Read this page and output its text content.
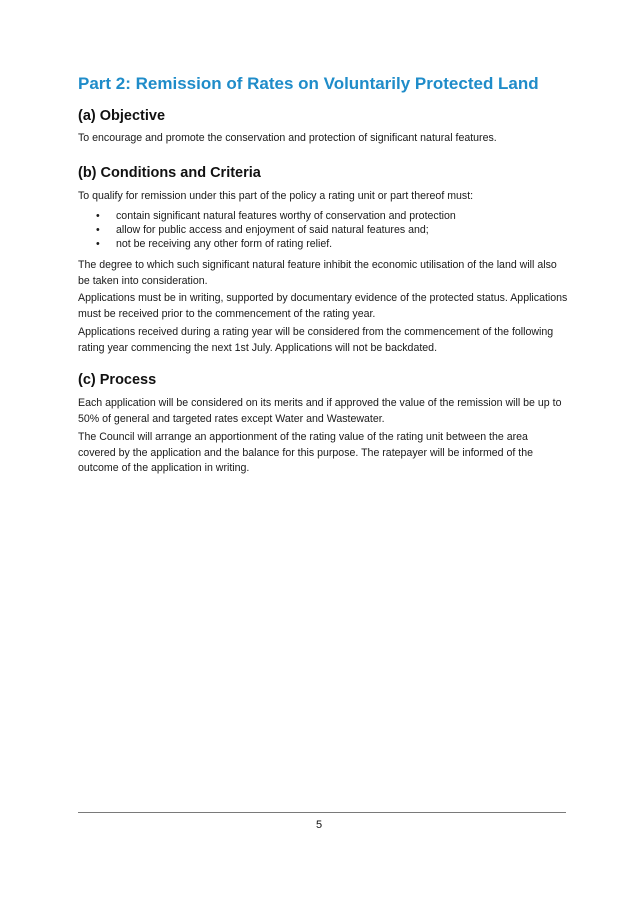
Part 2: Remission of Rates on Voluntarily Protected Land
(a) Objective

To encourage and promote the conservation and protection of significant natural features.

(b) Conditions and Criteria

To qualify for remission under this part of the policy a rating unit or part thereof must:

• contain significant natural features worthy of conservation and protection
• allow for public access and enjoyment of said natural features and;
• not be receiving any other form of rating relief.

The degree to which such significant natural feature inhibit the economic utilisation of the land will also be taken into consideration.

Applications must be in writing, supported by documentary evidence of the protected status. Applications must be received prior to the commencement of the rating year.

Applications received during a rating year will be considered from the commencement of the following rating year commencing the next 1st July. Applications will not be backdated.

(c) Process

Each application will be considered on its merits and if approved the value of the remission will be up to 50% of general and targeted rates except Water and Wastewater.

The Council will arrange an apportionment of the rating value of the rating unit between the area covered by the application and the balance for this purpose. The ratepayer will be informed of the outcome of the application in writing.

5
